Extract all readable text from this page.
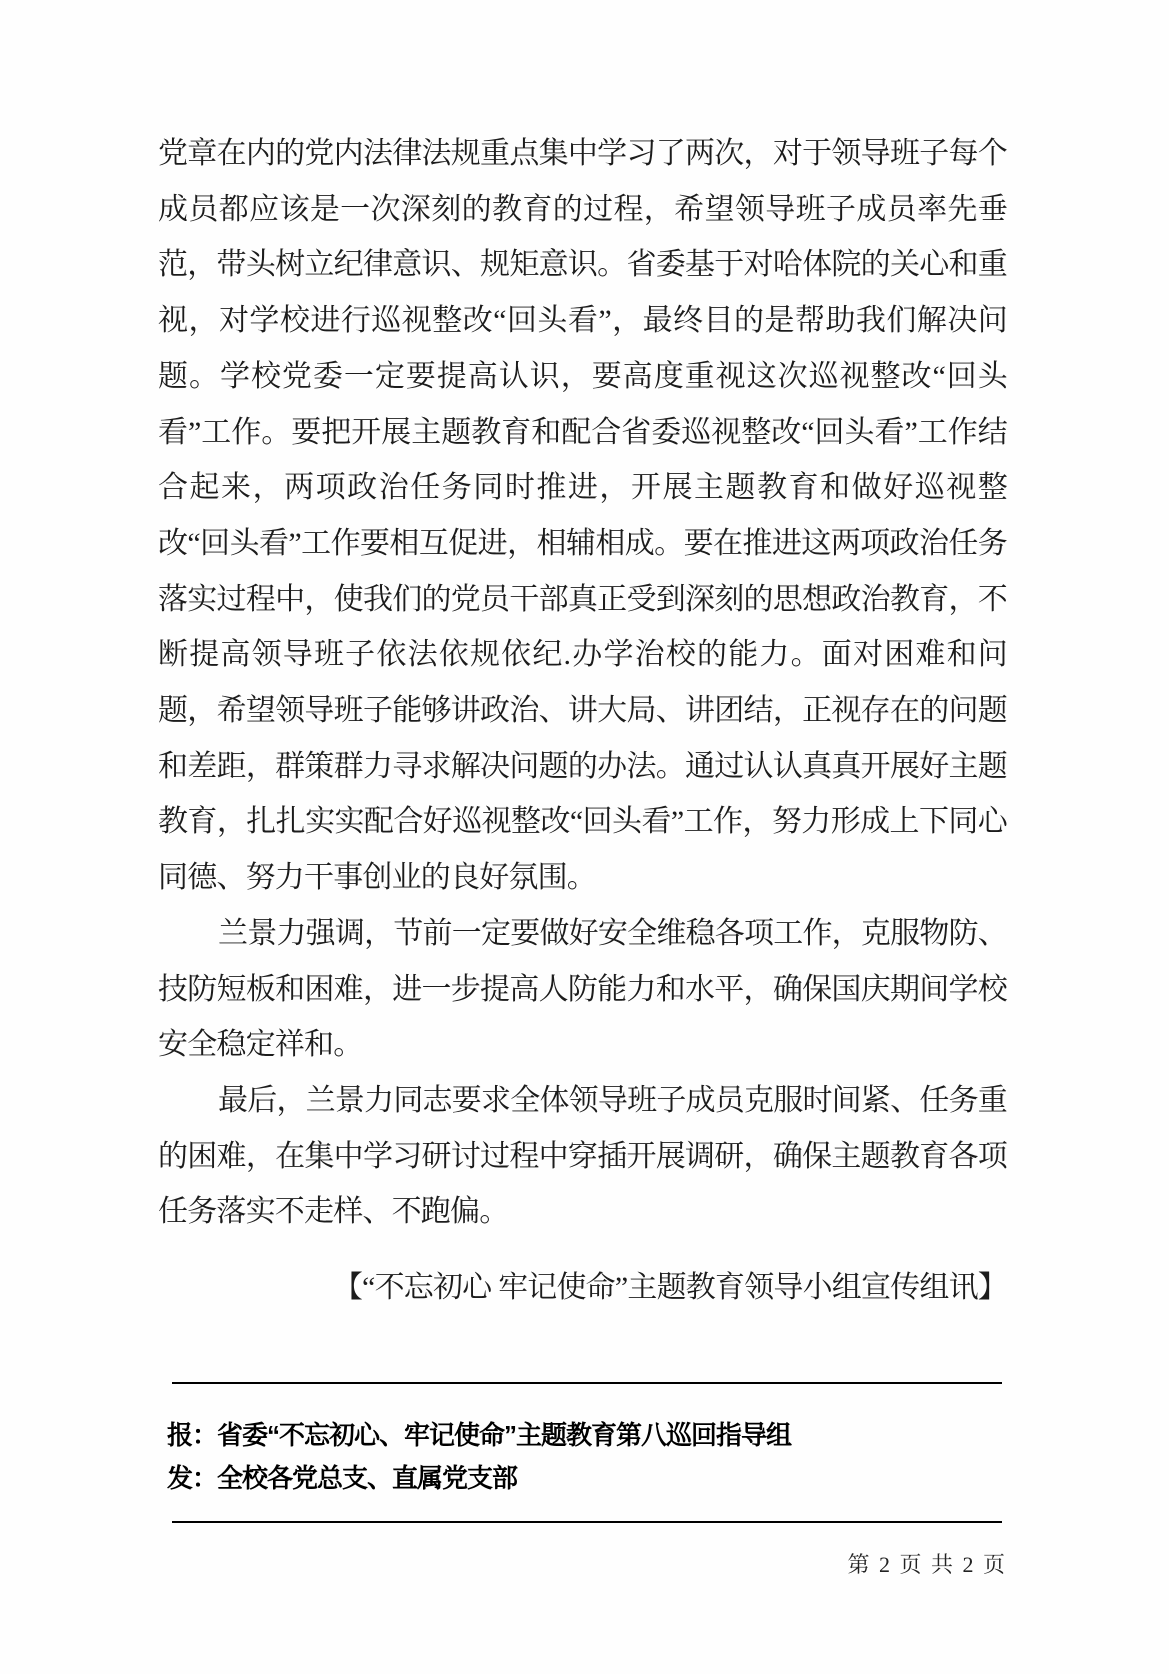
党章在内的党内法律法规重点集中学习了两次，对于领导班子每个成员都应该是一次深刻的教育的过程，希望领导班子成员率先垂范，带头树立纪律意识、规矩意识。省委基于对哈体院的关心和重视，对学校进行巡视整改“回头看”，最终目的是帮助我们解决问题。学校党委一定要提高认识，要高度重视这次巡视整改“回头看”工作。要把开展主题教育和配合省委巡视整改“回头看”工作结合起来，两项政治任务同时推进，开展主题教育和做好巡视整改“回头看”工作要相互促进，相辅相成。要在推进这两项政治任务落实过程中，使我们的党员干部真正受到深刻的思想政治教育，不断提高领导班子依法依规依纪.办学治校的能力。面对困难和问题，希望领导班子能够讲政治、讲大局、讲团结，正视存在的问题和差距，群策群力寻求解决问题的办法。通过认认真真开展好主题教育，扎扎实实配合好巡视整改“回头看”工作，努力形成上下同心同德、努力干事创业的良好氛围。

兰景力强调，节前一定要做好安全维稳各项工作，克服物防、技防短板和困难，进一步提高人防能力和水平，确保国庆期间学校安全稳定祥和。

最后，兰景力同志要求全体领导班子成员克服时间紧、任务重的困难，在集中学习研讨过程中穿插开展调研，确保主题教育各项任务落实不走样、不跑偏。

【“不忘初心 牢记使命”主题教育领导小组宣传组讯】
报：省委“不忘初心、牢记使命”主题教育第八巡回指导组
发：全校各党总支、直属党支部
第 2 页 共 2 页
